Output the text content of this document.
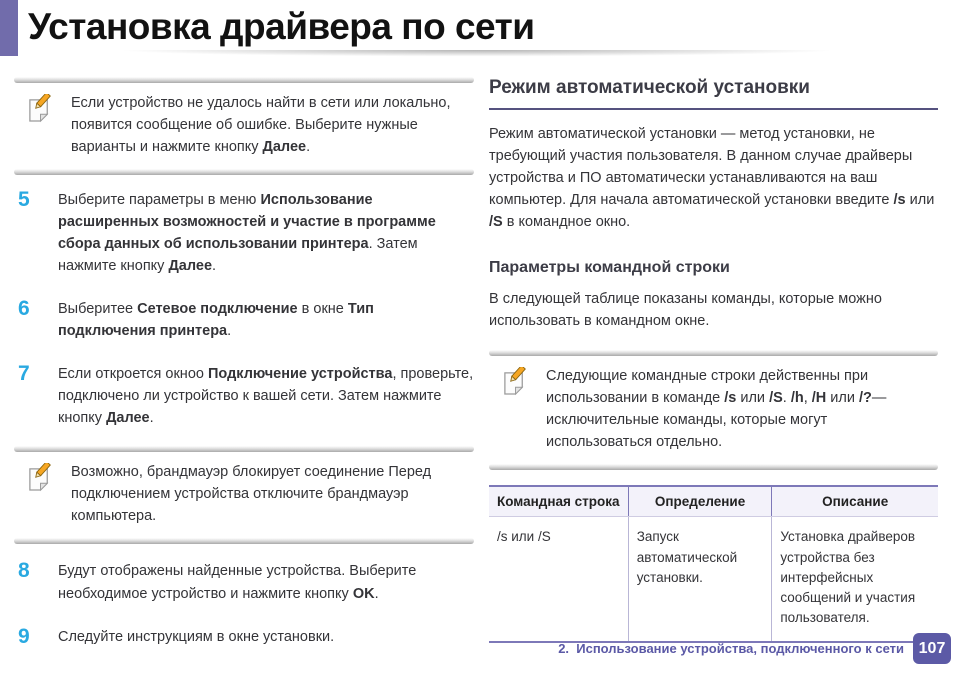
Установка драйвера по сети
Если устройство не удалось найти в сети или локально, появится сообщение об ошибке. Выберите нужные варианты и нажмите кнопку Далее.
5	Выберите параметры в меню Использование расширенных возможностей и участие в программе сбора данных об использовании принтера. Затем нажмите кнопку Далее.
6	Выберитее Сетевое подключение в окне Тип подключения принтера.
7	Если откроется окноо Подключение устройства, проверьте, подключено ли устройство к вашей сети. Затем нажмите кнопку Далее.
Возможно, брандмауэр блокирует соединение Перед подключением устройства отключите брандмауэр компьютера.
8	Будут отображены найденные устройства. Выберите необходимое устройство и нажмите кнопку OK.
9	Следуйте инструкциям в окне установки.
Режим автоматической установки

Режим автоматической установки — метод установки, не требующий участия пользователя. В данном случае драйверы устройства и ПО автоматически устанавливаются на ваш компьютер. Для начала автоматической установки введите /s или /S в командное окно.

Параметры командной строки

В следующей таблице показаны команды, которые можно использовать в командном окне.

Следующие командные строки действенны при использовании в команде /s или /S. /h, /H или /?— исключительные команды, которые могут использоваться отдельно.
Командная строка	Определение	Описание
/s или /S	Запуск автоматической установки.	Установка драйверов устройства без интерфейсных сообщений и участия пользователя.
2.  Использование устройства, подключенного к сети 107
